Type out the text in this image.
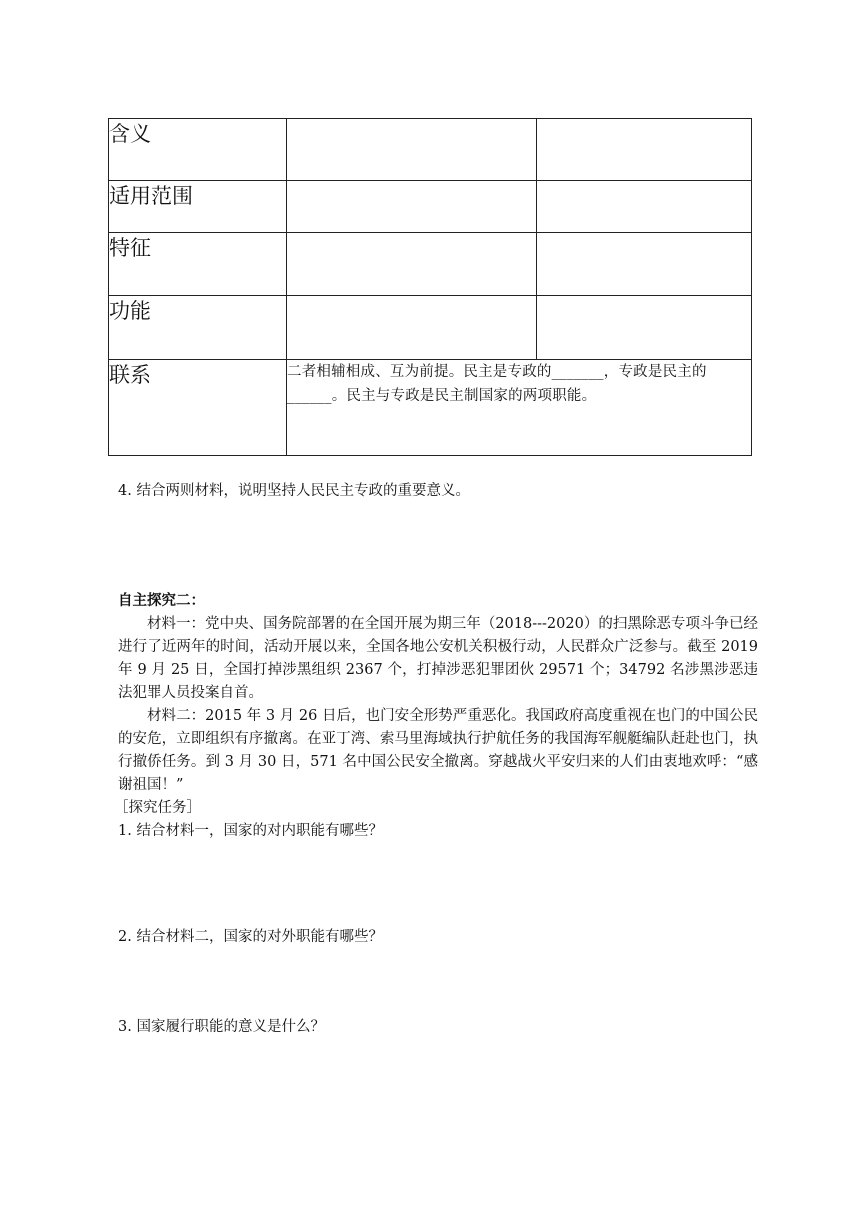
含义		
适用范围		
特征		
功能		
联系	二者相辅相成、互为前提。民主是专政的_______，专政是民主的______。民主与专政是民主制国家的两项职能。	

4. 结合两则材料，说明坚持人民民主专政的重要意义。

自主探究二：

材料一：党中央、国务院部署的在全国开展为期三年（2018---2020）的扫黑除恶专项斗争已经进行了近两年的时间，活动开展以来，全国各地公安机关积极行动，人民群众广泛参与。截至 2019 年 9 月 25 日，全国打掉涉黑组织 2367 个，打掉涉恶犯罪团伙 29571 个；34792 名涉黑涉恶违法犯罪人员投案自首。

材料二：2015 年 3 月 26 日后，也门安全形势严重恶化。我国政府高度重视在也门的中国公民的安危，立即组织有序撤离。在亚丁湾、索马里海域执行护航任务的我国海军舰艇编队赶赴也门，执行撤侨任务。到 3 月 30 日，571 名中国公民安全撤离。穿越战火平安归来的人们由衷地欢呼：“感谢祖国！”

［探究任务］

1. 结合材料一，国家的对内职能有哪些？

2. 结合材料二，国家的对外职能有哪些？

3. 国家履行职能的意义是什么？
